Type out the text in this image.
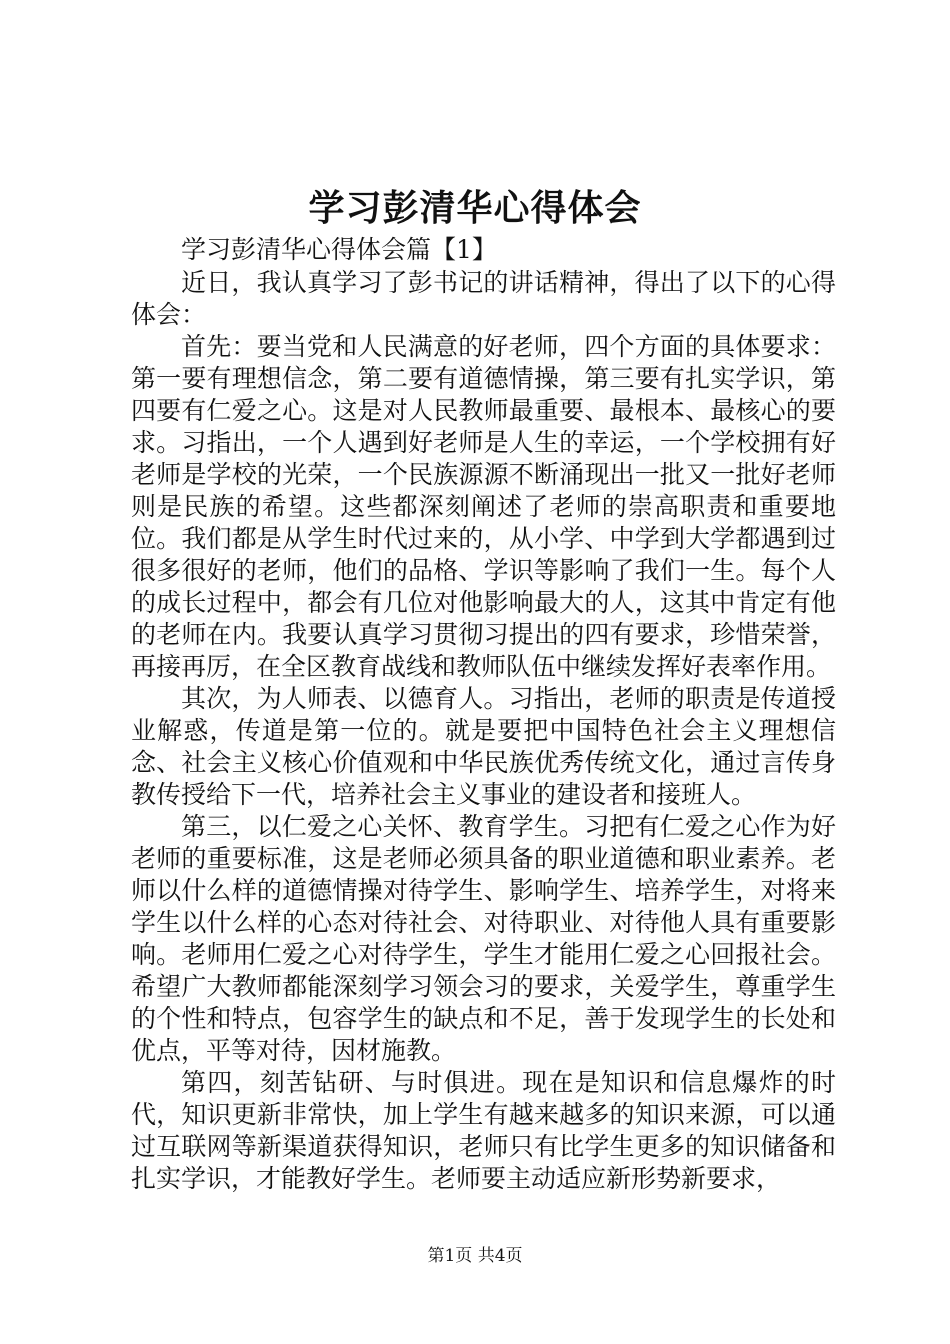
学习彭清华心得体会

学习彭清华心得体会篇【1】

近日，我认真学习了彭书记的讲话精神，得出了以下的心得体会：

首先：要当党和人民满意的好老师，四个方面的具体要求：第一要有理想信念，第二要有道德情操，第三要有扎实学识，第四要有仁爱之心。这是对人民教师最重要、最根本、最核心的要求。习指出，一个人遇到好老师是人生的幸运，一个学校拥有好老师是学校的光荣，一个民族源源不断涌现出一批又一批好老师则是民族的希望。这些都深刻阐述了老师的崇高职责和重要地位。我们都是从学生时代过来的，从小学、中学到大学都遇到过很多很好的老师，他们的品格、学识等影响了我们一生。每个人的成长过程中，都会有几位对他影响最大的人，这其中肯定有他的老师在内。我要认真学习贯彻习提出的四有要求，珍惜荣誉，再接再厉，在全区教育战线和教师队伍中继续发挥好表率作用。

其次，为人师表、以德育人。习指出，老师的职责是传道授业解惑，传道是第一位的。就是要把中国特色社会主义理想信念、社会主义核心价值观和中华民族优秀传统文化，通过言传身教传授给下一代，培养社会主义事业的建设者和接班人。

第三，以仁爱之心关怀、教育学生。习把有仁爱之心作为好老师的重要标准，这是老师必须具备的职业道德和职业素养。老师以什么样的道德情操对待学生、影响学生、培养学生，对将来学生以什么样的心态对待社会、对待职业、对待他人具有重要影响。老师用仁爱之心对待学生，学生才能用仁爱之心回报社会。希望广大教师都能深刻学习领会习的要求，关爱学生，尊重学生的个性和特点，包容学生的缺点和不足，善于发现学生的长处和优点，平等对待，因材施教。

第四，刻苦钻研、与时俱进。现在是知识和信息爆炸的时代，知识更新非常快，加上学生有越来越多的知识来源，可以通过互联网等新渠道获得知识，老师只有比学生更多的知识储备和扎实学识，才能教好学生。老师要主动适应新形势新要求，

第1页 共4页
